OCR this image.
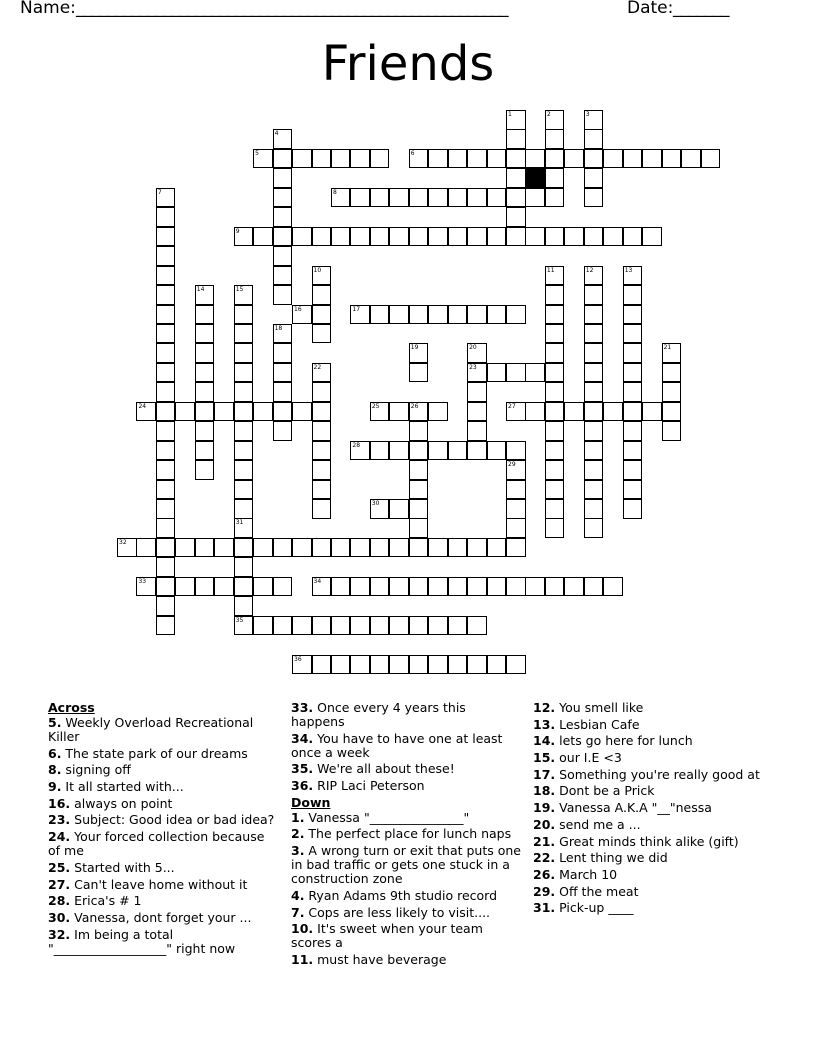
Name: ______________________________________________________	Date: _______
Friends
1	2	3
4
5	6
7	8
9
10	11	12	13
14	15
16	17
18
19	20
23
21
22
24	25	26	27
28
29
30
31
35
32
33	34
36
Across
5. Weekly Overload Recreational Killer
6. The state park of our dreams
8. signing off
9. It all started with...
16. always on point
23. Subject: Good idea or bad idea?
24. Your forced collection because of me
25. Started with 5...
27. Can't leave home without it
28. Erica's # 1
30. Vanessa, dont forget your ...
32. Im being a total "__________________" right now
33. Once every 4 years this happens
34. You have to have one at least once a week
35. We're all about these!
36. RIP Laci Peterson
Down
1. Vanessa "_______________"
2. The perfect place for lunch naps
3. A wrong turn or exit that puts one in bad traffic or gets one stuck in a construction zone
4. Ryan Adams 9th studio record
7. Cops are less likely to visit....
10. It's sweet when your team scores a
11. must have beverage
12. You smell like
13. Lesbian Cafe
14. lets go here for lunch
15. our I.E <3
17. Something you're really good at
18. Dont be a Prick
19. Vanessa A.K.A "__"nessa
20. send me a ...
21. Great minds think alike (gift)
22. Lent thing we did
26. March 10
29. Off the meat
31. Pick-up ____
